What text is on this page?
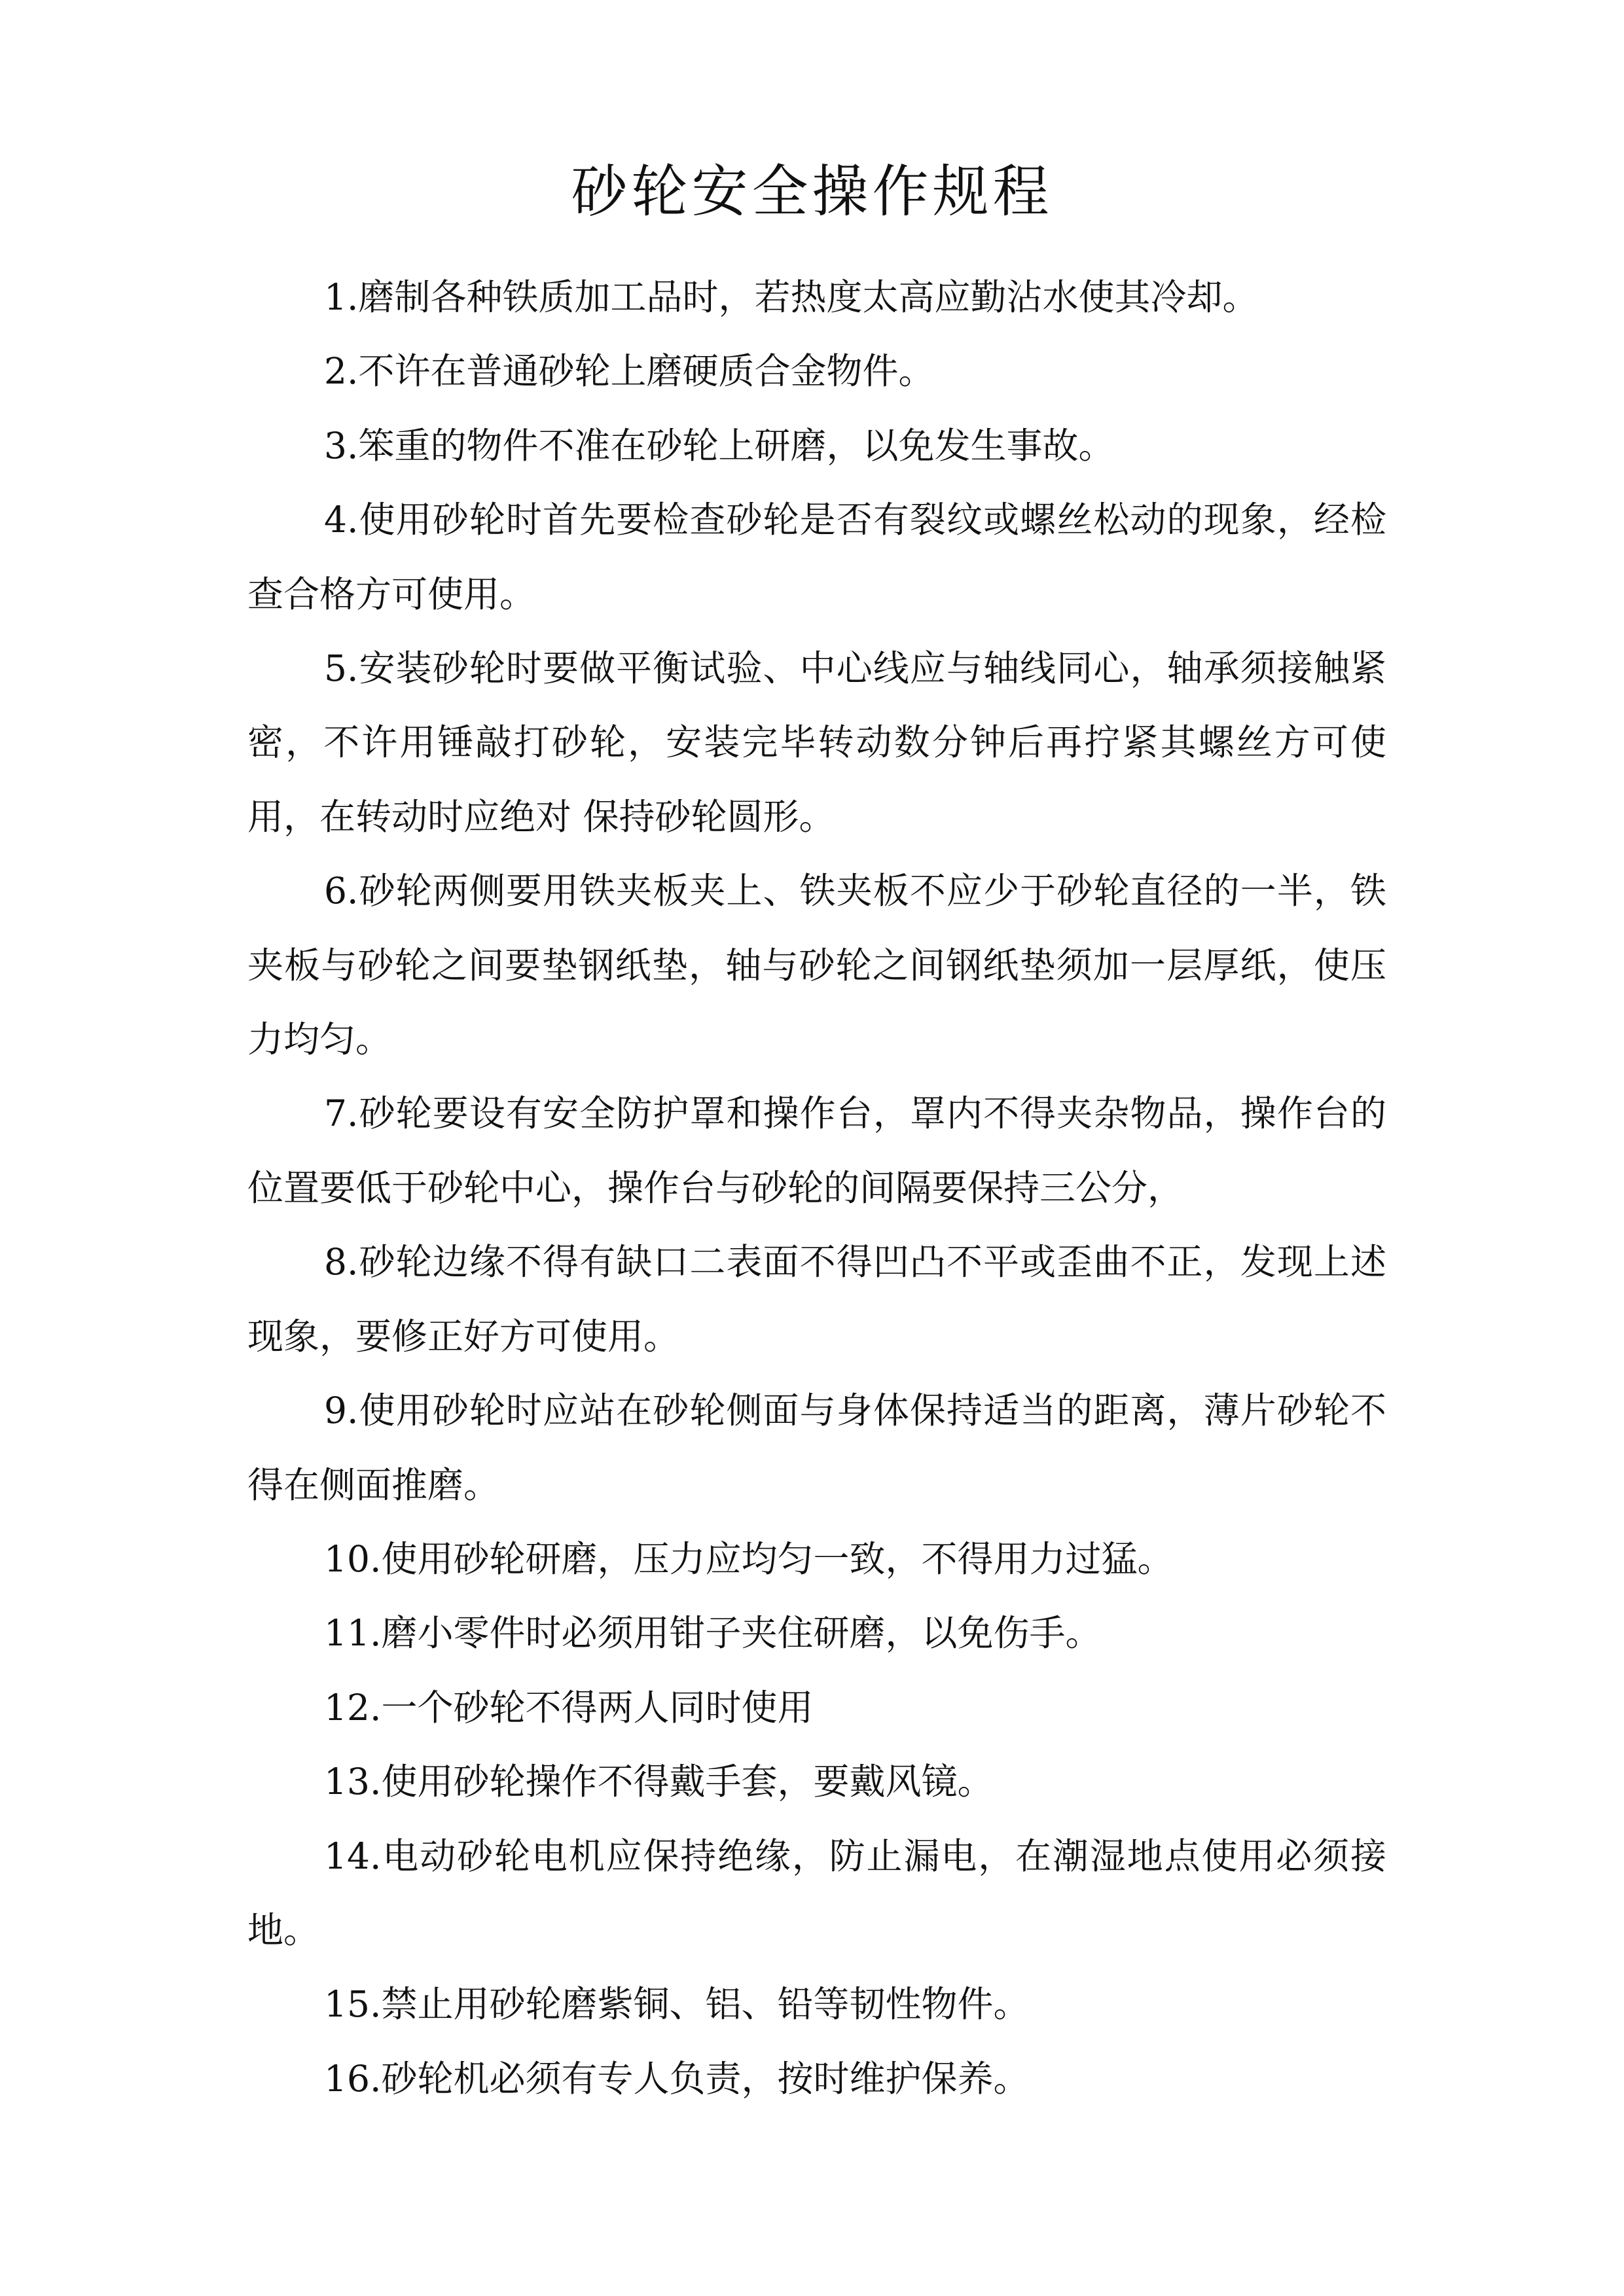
砂轮安全操作规程

1.磨制各种铁质加工品时，若热度太高应勤沾水使其冷却。

2.不许在普通砂轮上磨硬质合金物件。

3.笨重的物件不准在砂轮上研磨，以免发生事故。

4.使用砂轮时首先要检查砂轮是否有裂纹或螺丝松动的现象，经检查合格方可使用。

5.安装砂轮时要做平衡试验、中心线应与轴线同心，轴承须接触紧密，不许用锤敲打砂轮，安装完毕转动数分钟后再拧紧其螺丝方可使用，在转动时应绝对 保持砂轮圆形。

6.砂轮两侧要用铁夹板夹上、铁夹板不应少于砂轮直径的一半，铁夹板与砂轮之间要垫钢纸垫，轴与砂轮之间钢纸垫须加一层厚纸，使压力均匀。

7.砂轮要设有安全防护罩和操作台，罩内不得夹杂物品，操作台的位置要低于砂轮中心，操作台与砂轮的间隔要保持三公分，

8.砂轮边缘不得有缺口二表面不得凹凸不平或歪曲不正，发现上述现象，要修正好方可使用。

9.使用砂轮时应站在砂轮侧面与身体保持适当的距离，薄片砂轮不得在侧面推磨。

10.使用砂轮研磨，压力应均匀一致，不得用力过猛。

11.磨小零件时必须用钳子夹住研磨，以免伤手。

12.一个砂轮不得两人同时使用

13.使用砂轮操作不得戴手套，要戴风镜。

14.电动砂轮电机应保持绝缘，防止漏电，在潮湿地点使用必须接地。

15.禁止用砂轮磨紫铜、铝、铅等韧性物件。

16.砂轮机必须有专人负责，按时维护保养。
